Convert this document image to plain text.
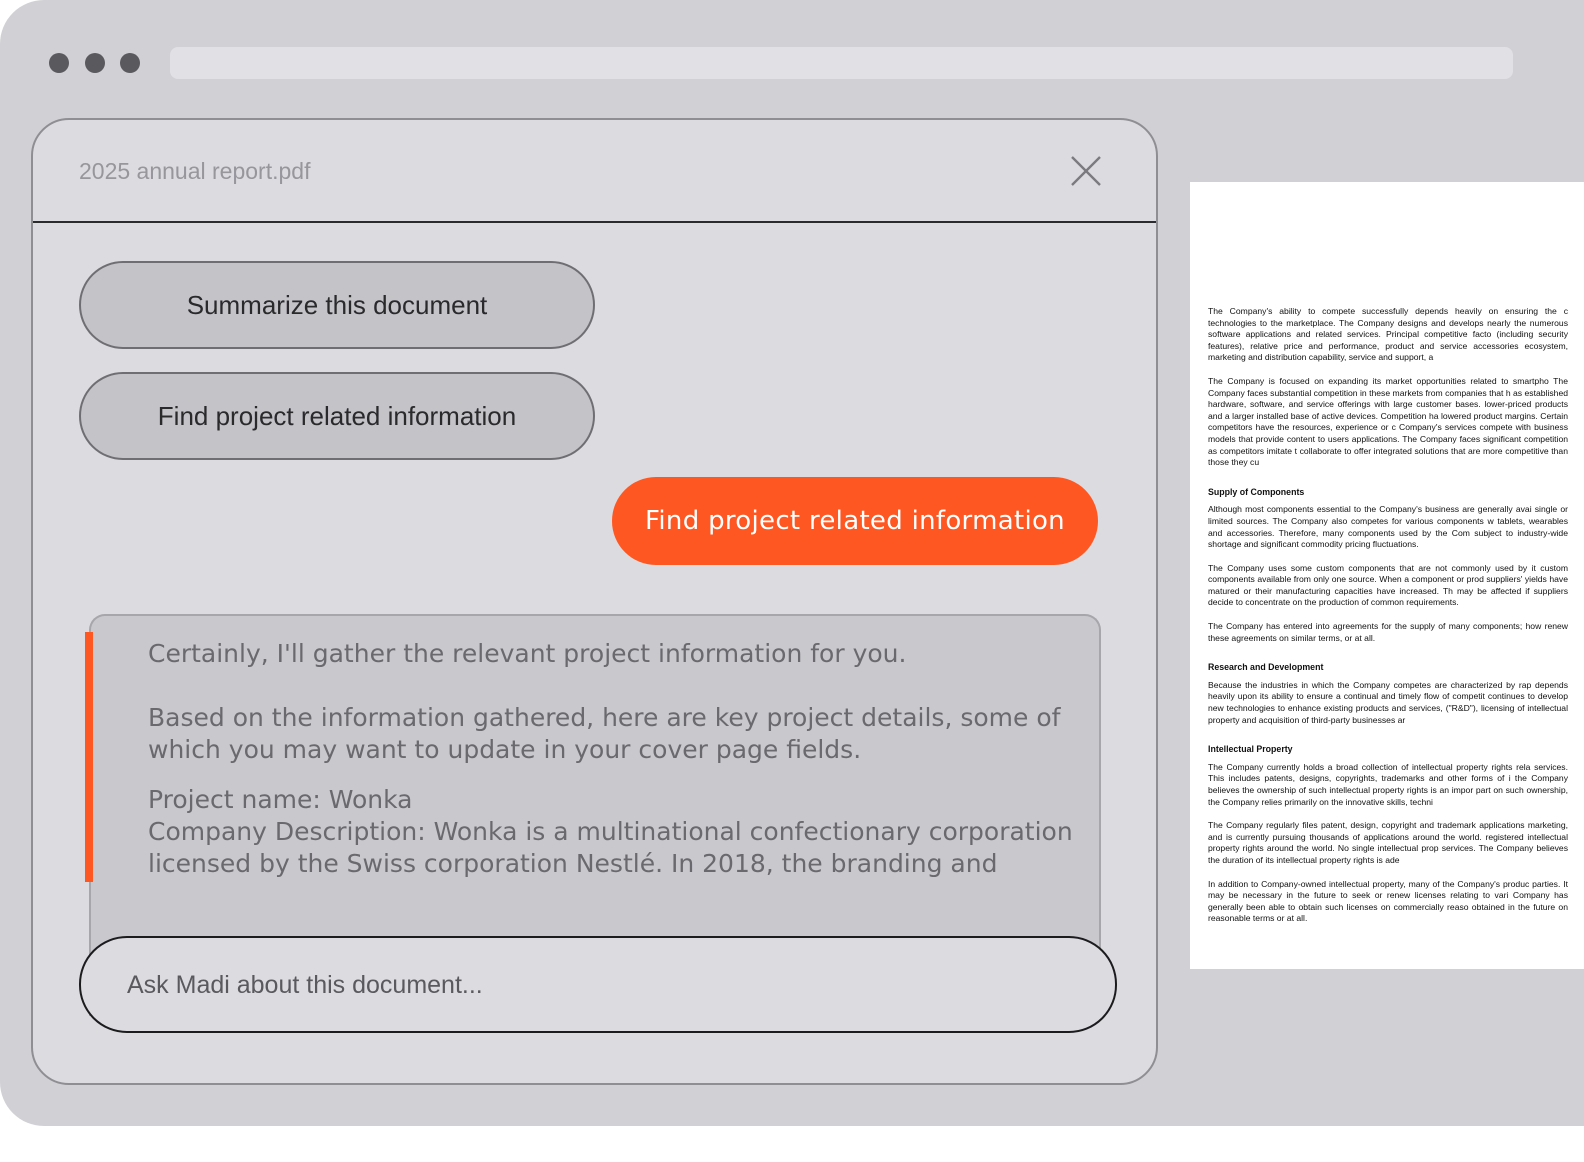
2025 annual report.pdf
Summarize this document
Find project related information
Find project related information

Certainly, I'll gather the relevant project information for you.

Based on the information gathered, here are key project details, some of which you may want to update in your cover page fields.

Project name: Wonka

Company Description: Wonka is a multinational confectionary corporation licensed by the Swiss corporation Nestlé. In 2018, the branding and

Ask Madi about this document...

The Company's ability to compete successfully depends heavily on ensuring the c technologies to the marketplace. The Company designs and develops nearly the numerous software applications and related services. Principal competitive facto (including security features), relative price and performance, product and service accessories ecosystem, marketing and distribution capability, service and support, a

The Company is focused on expanding its market opportunities related to smartpho The Company faces substantial competition in these markets from companies that h as established hardware, software, and service offerings with large customer bases. lower-priced products and a larger installed base of active devices. Competition ha lowered product margins. Certain competitors have the resources, experience or c Company's services compete with business models that provide content to users applications. The Company faces significant competition as competitors imitate t collaborate to offer integrated solutions that are more competitive than those they cu

Supply of Components

Although most components essential to the Company's business are generally avai single or limited sources. The Company also competes for various components w tablets, wearables and accessories. Therefore, many components used by the Com subject to industry-wide shortage and significant commodity pricing fluctuations.

The Company uses some custom components that are not commonly used by it custom components available from only one source. When a component or prod suppliers' yields have matured or their manufacturing capacities have increased. Th may be affected if suppliers decide to concentrate on the production of common requirements.

The Company has entered into agreements for the supply of many components; how renew these agreements on similar terms, or at all.

Research and Development

Because the industries in which the Company competes are characterized by rap depends heavily upon its ability to ensure a continual and timely flow of competit continues to develop new technologies to enhance existing products and services, ("R&D"), licensing of intellectual property and acquisition of third-party businesses ar

Intellectual Property

The Company currently holds a broad collection of intellectual property rights rela services. This includes patents, designs, copyrights, trademarks and other forms of i the Company believes the ownership of such intellectual property rights is an impor part on such ownership, the Company relies primarily on the innovative skills, techni

The Company regularly files patent, design, copyright and trademark applications marketing, and is currently pursuing thousands of applications around the world. registered intellectual property rights around the world. No single intellectual prop services. The Company believes the duration of its intellectual property rights is ade

In addition to Company-owned intellectual property, many of the Company's produc parties. It may be necessary in the future to seek or renew licenses relating to vari Company has generally been able to obtain such licenses on commercially reaso obtained in the future on reasonable terms or at all.
